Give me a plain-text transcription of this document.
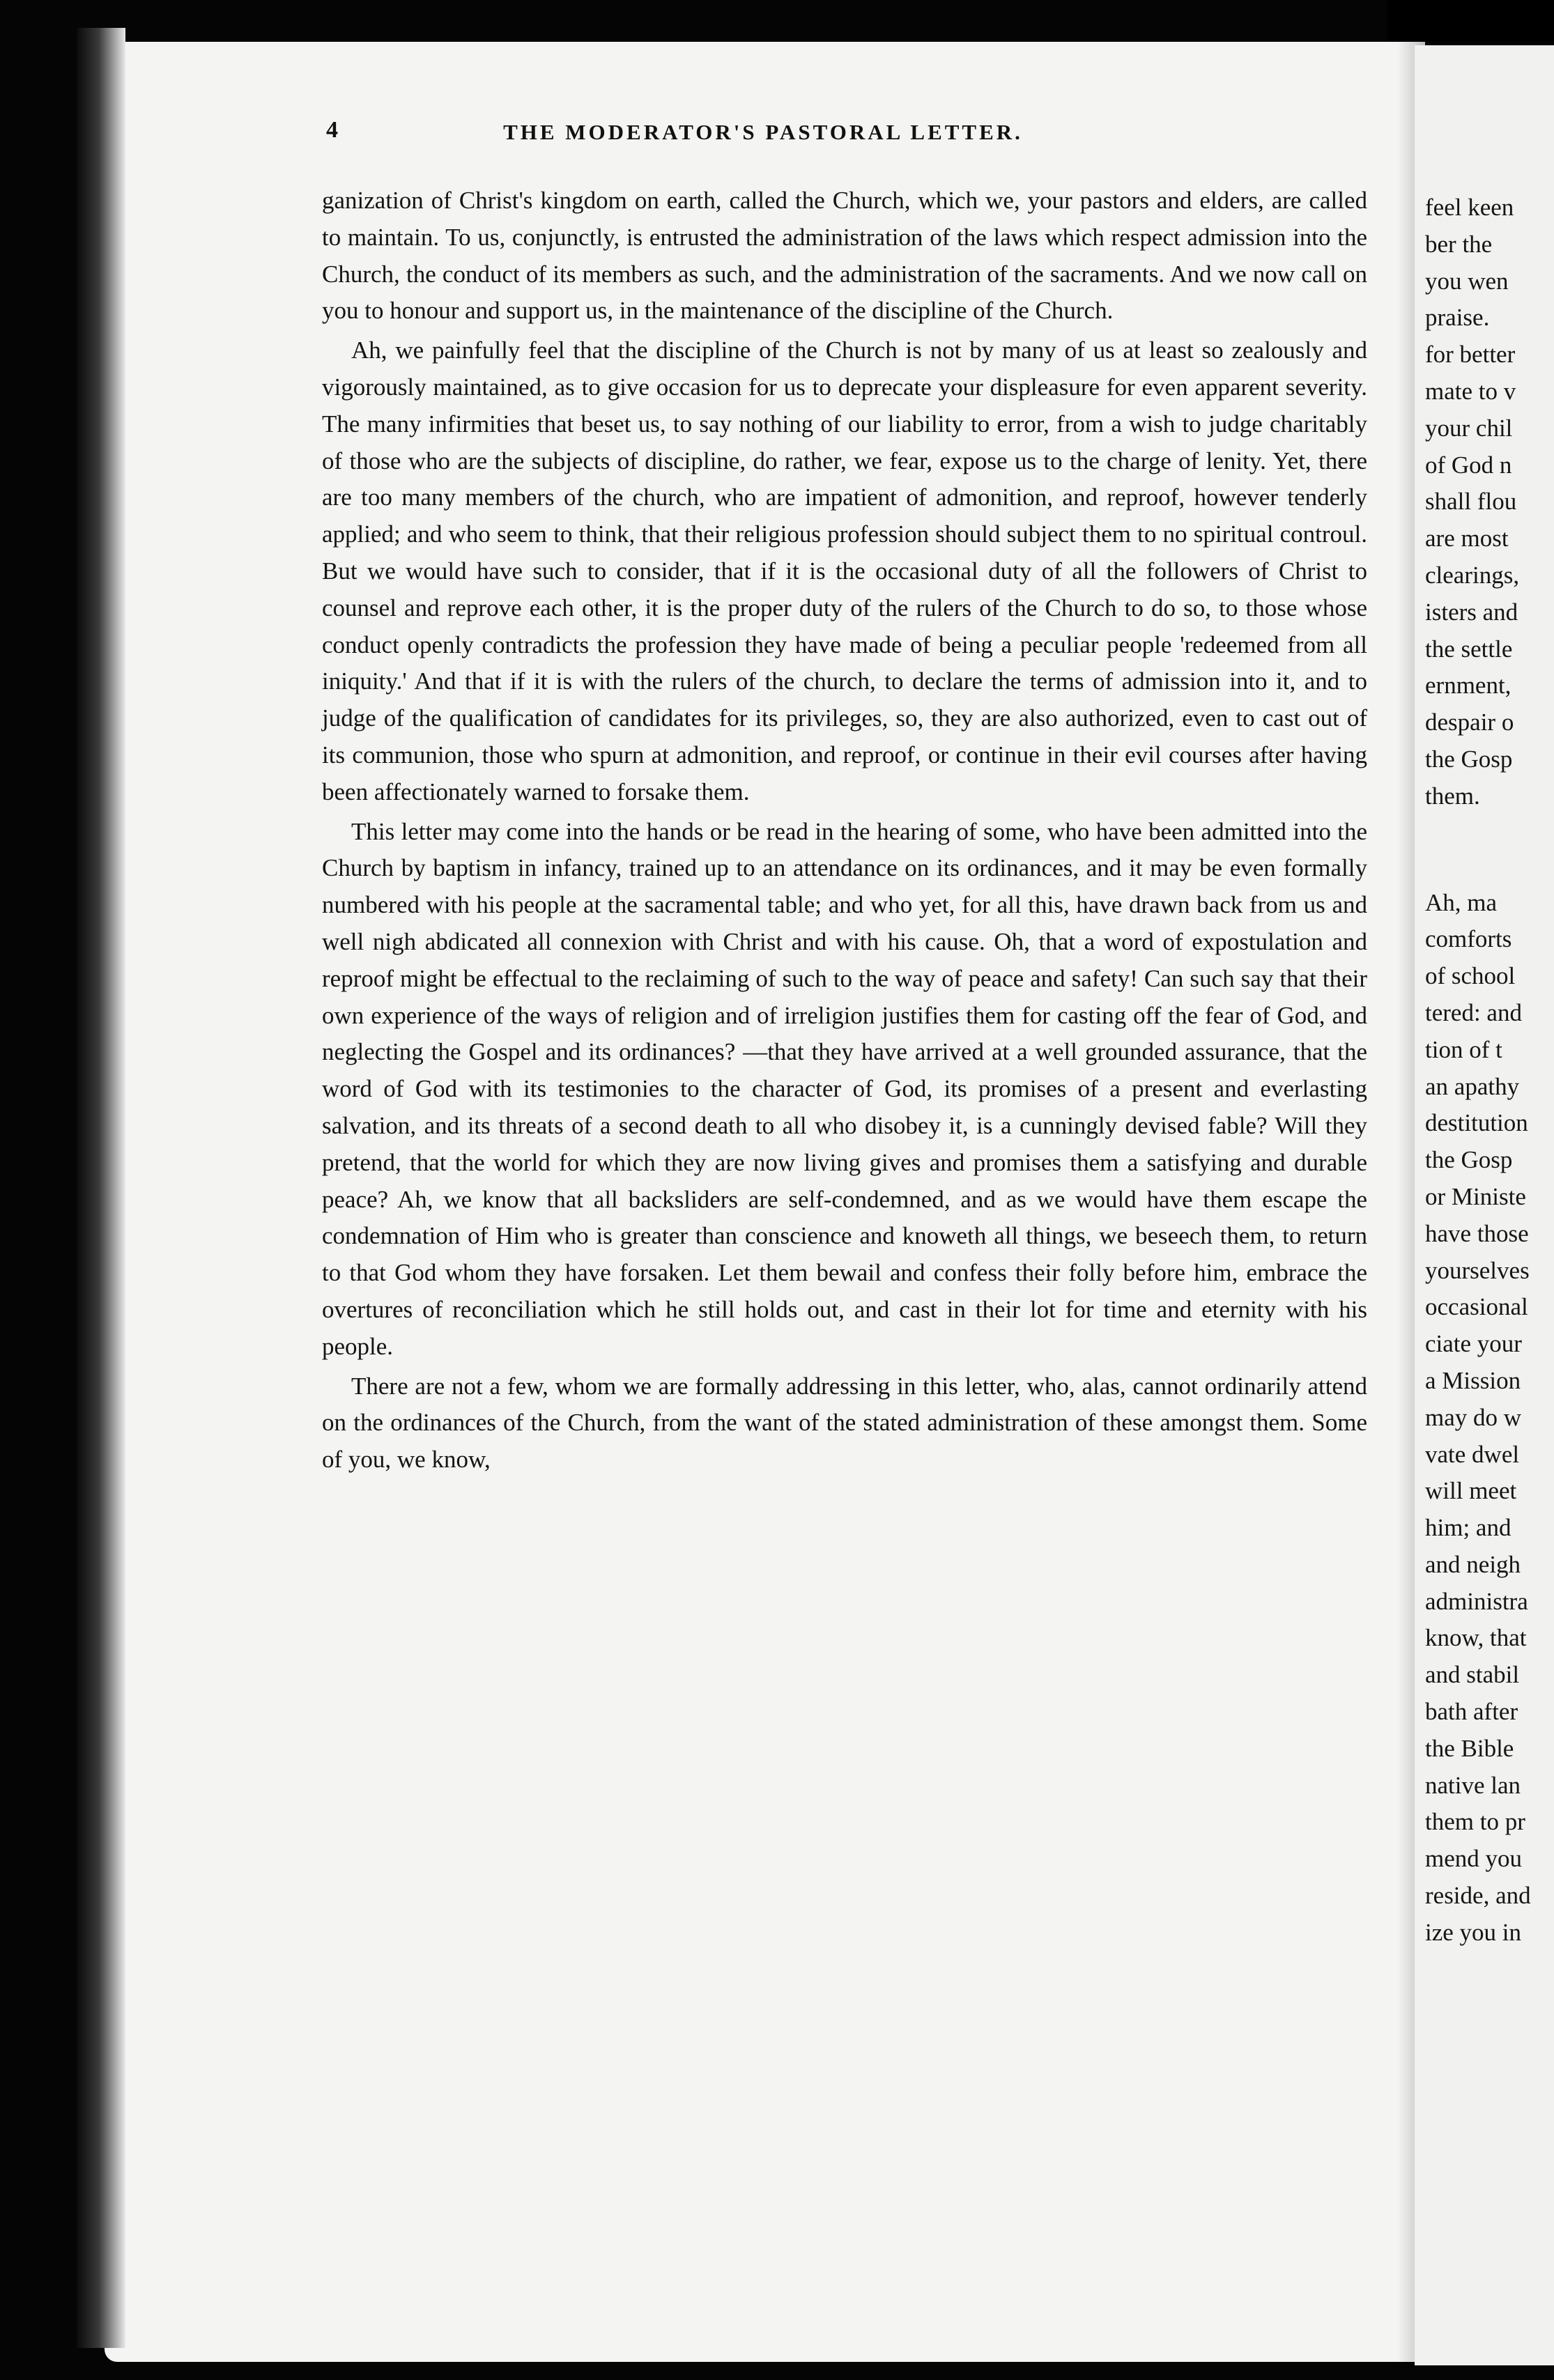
4	THE MODERATOR'S PASTORAL LETTER.

ganization of Christ's kingdom on earth, called the Church, which we, your pastors and elders, are called to maintain. To us, conjunctly, is entrusted the administration of the laws which respect admission into the Church, the conduct of its members as such, and the administration of the sacraments. And we now call on you to honour and support us, in the maintenance of the discipline of the Church.

Ah, we painfully feel that the discipline of the Church is not by many of us at least so zealously and vigorously maintained, as to give occasion for us to deprecate your displeasure for even apparent severity. The many infirmities that beset us, to say nothing of our liability to error, from a wish to judge charitably of those who are the subjects of discipline, do rather, we fear, expose us to the charge of lenity. Yet, there are too many members of the church, who are impatient of admonition, and reproof, however tenderly applied; and who seem to think, that their religious profession should subject them to no spiritual controul. But we would have such to consider, that if it is the occasional duty of all the followers of Christ to counsel and reprove each other, it is the proper duty of the rulers of the Church to do so, to those whose conduct openly contradicts the profession they have made of being a peculiar people 'redeemed from all iniquity.' And that if it is with the rulers of the church, to declare the terms of admission into it, and to judge of the qualification of candidates for its privileges, so, they are also authorized, even to cast out of its communion, those who spurn at admonition, and reproof, or continue in their evil courses after having been affectionately warned to forsake them.

This letter may come into the hands or be read in the hearing of some, who have been admitted into the Church by baptism in infancy, trained up to an attendance on its ordinances, and it may be even formally numbered with his people at the sacramental table; and who yet, for all this, have drawn back from us and well nigh abdicated all connexion with Christ and with his cause. Oh, that a word of expostulation and reproof might be effectual to the reclaiming of such to the way of peace and safety! Can such say that their own experience of the ways of religion and of irreligion justifies them for casting off the fear of God, and neglecting the Gospel and its ordinances? —that they have arrived at a well grounded assurance, that the word of God with its testimonies to the character of God, its promises of a present and everlasting salvation, and its threats of a second death to all who disobey it, is a cunningly devised fable? Will they pretend, that the world for which they are now living gives and promises them a satisfying and durable peace? Ah, we know that all backsliders are self-condemned, and as we would have them escape the condemnation of Him who is greater than conscience and knoweth all things, we beseech them, to return to that God whom they have forsaken. Let them bewail and confess their folly before him, embrace the overtures of reconciliation which he still holds out, and cast in their lot for time and eternity with his people.

There are not a few, whom we are formally addressing in this letter, who, alas, cannot ordinarily attend on the ordinances of the Church, from the want of the stated administration of these amongst them. Some of you, we know,

feel keen
ber the
you wen
praise.
for better
mate to v
your chil
of God n
shall flou
are most
clearings,
isters and
the settle
ernment,
despair o
the Gosp
them.
Ah, ma
comforts
of school
tered: and
tion of t
an apathy
destitution
the Gosp
or Ministe
have those
yourselves
occasional
ciate your
a Mission
may do w
vate dwel
will meet
him; and
and neigh
administra
know, that
and stabil
bath after
the Bible
native lan
them to pr
mend you
reside, and
ize you in
